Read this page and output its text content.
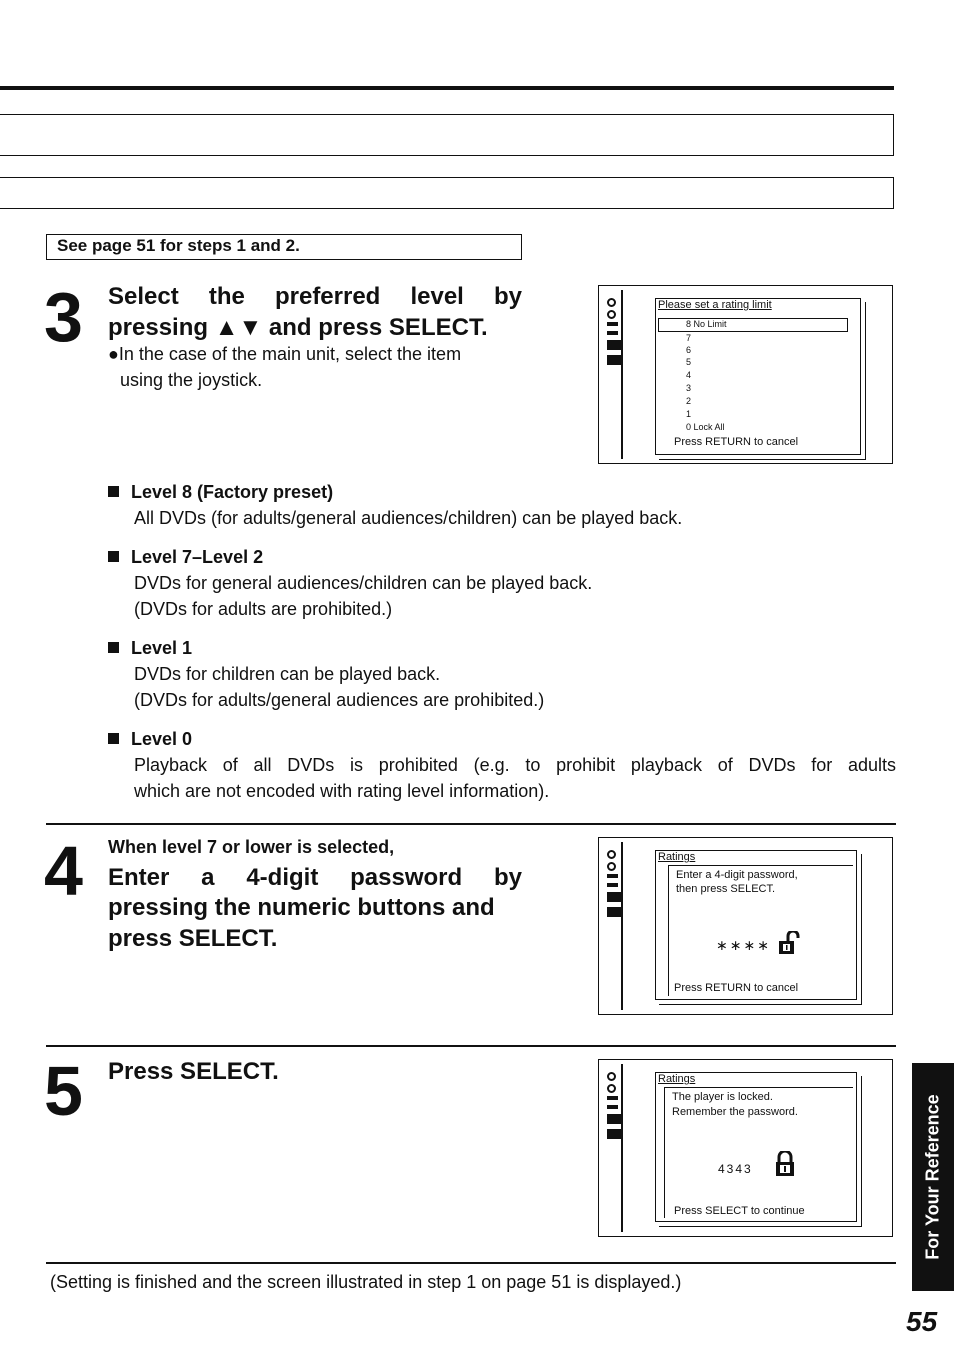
See page 51 for steps 1 and 2.
3 Select the preferred level by
pressing ▲▼ and press SELECT.
●In the case of the main unit, select the item
using the joystick.
Please set a rating limit
8 No Limit
7
6
5
4
3
2
1
0 Lock All
Press RETURN to cancel
Level 8 (Factory preset)
All DVDs (for adults/general audiences/children) can be played back.
Level 7–Level 2
DVDs for general audiences/children can be played back.
(DVDs for adults are prohibited.)
Level 1
DVDs for children can be played back.
(DVDs for adults/general audiences are prohibited.)
Level 0
Playback of all DVDs is prohibited (e.g. to prohibit playback of DVDs for adults
which are not encoded with rating level information).
4 When level 7 or lower is selected,
Enter a 4-digit password by
pressing the numeric buttons and
press SELECT.
Ratings
Enter a 4-digit password,
then press SELECT.
∗∗∗∗
Press RETURN to cancel
5 Press SELECT.	Ratings
The player is locked.
Remember the password.
4343
Press SELECT to continue
(Setting is finished and the screen illustrated in step 1 on page 51 is displayed.)
For Your Reference
55
